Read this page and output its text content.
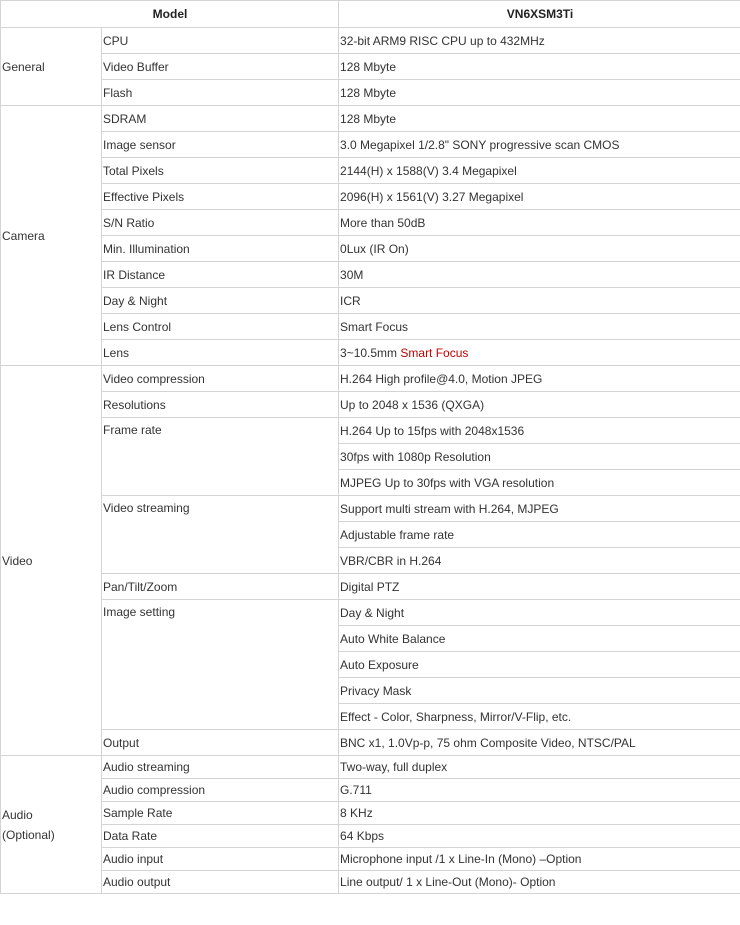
Model		VN6XSM3Ti
General	CPU	32-bit ARM9 RISC CPU up to 432MHz
	Video Buffer	128 Mbyte
	Flash	128 Mbyte
Camera	SDRAM	128 Mbyte
	Image sensor	3.0 Megapixel 1/2.8" SONY progressive scan CMOS
	Total Pixels	2144(H) x 1588(V) 3.4 Megapixel
	Effective Pixels	2096(H) x 1561(V) 3.27 Megapixel
	S/N Ratio	More than 50dB
	Min. Illumination	0Lux (IR On)
	IR Distance	30M
	Day & Night	ICR
	Lens Control	Smart Focus
	Lens	3~10.5mm Smart Focus
Video	Video compression	H.264 High profile@4.0, Motion JPEG
	Resolutions	Up to 2048 x 1536 (QXGA)
	Frame rate	H.264 Up to 15fps with 2048x1536
		30fps with 1080p Resolution
		MJPEG Up to 30fps with VGA resolution
	Video streaming	Support multi stream with H.264, MJPEG
		Adjustable frame rate
		VBR/CBR in H.264
	Pan/Tilt/Zoom	Digital PTZ
	Image setting	Day & Night
		Auto White Balance
		Auto Exposure
		Privacy Mask
		Effect - Color, Sharpness, Mirror/V-Flip, etc.
	Output	BNC x1, 1.0Vp-p, 75 ohm Composite Video, NTSC/PAL
Audio
(Optional)	Audio streaming	Two-way, full duplex
	Audio compression	G.711
	Sample Rate	8 KHz
	Data Rate	64 Kbps
	Audio input	Microphone input /1 x Line-In (Mono) –Option
	Audio output	Line output/ 1 x Line-Out (Mono)- Option
